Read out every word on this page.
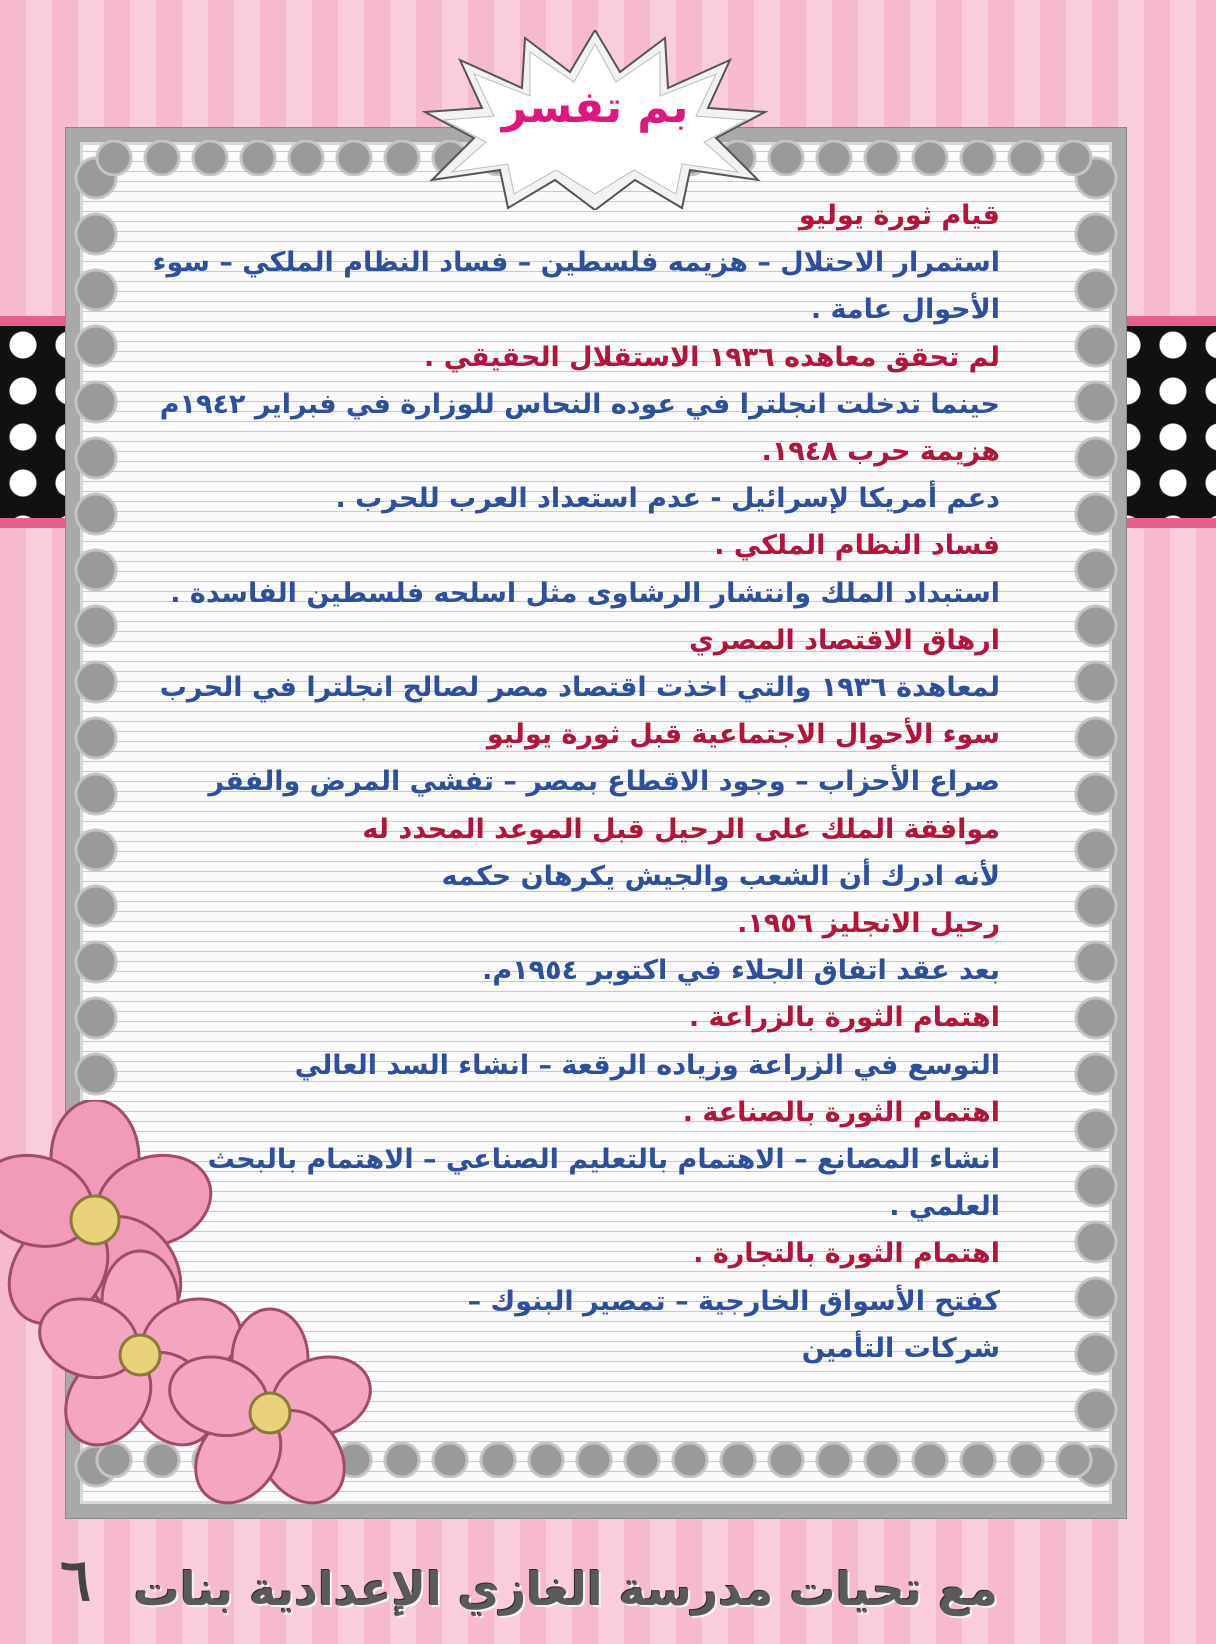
بم تفسر
قيام ثورة يوليو
استمرار الاحتلال – هزيمه فلسطين – فساد النظام الملكي – سوء
الأحوال عامة .
لم تحقق معاهده ١٩٣٦ الاستقلال الحقيقي .
حينما تدخلت انجلترا في عوده النحاس للوزارة في فبراير ١٩٤٢م
هزيمة حرب ١٩٤٨.
دعم أمريكا لإسرائيل - عدم استعداد العرب للحرب .
فساد النظام الملكي .
استبداد الملك وانتشار الرشاوى مثل اسلحه فلسطين الفاسدة .
ارهاق الاقتصاد المصري
لمعاهدة ١٩٣٦ والتي اخذت اقتصاد مصر لصالح انجلترا في الحرب
سوء الأحوال الاجتماعية قبل ثورة يوليو
صراع الأحزاب – وجود الاقطاع بمصر – تفشي المرض والفقر
موافقة الملك على الرحيل قبل الموعد المحدد له
لأنه ادرك أن الشعب والجيش يكرهان حكمه
رحيل الانجليز ١٩٥٦.
بعد عقد اتفاق الجلاء في اكتوبر ١٩٥٤م.
اهتمام الثورة بالزراعة .
التوسع في الزراعة وزياده الرقعة – انشاء السد العالي
اهتمام الثورة بالصناعة .
انشاء المصانع – الاهتمام بالتعليم الصناعي – الاهتمام بالبحث
العلمي .
اهتمام الثورة بالتجارة .
كفتح الأسواق الخارجية – تمصير البنوك –
شركات التأمين
٦ مع تحيات مدرسة الغازي الإعدادية بنات
